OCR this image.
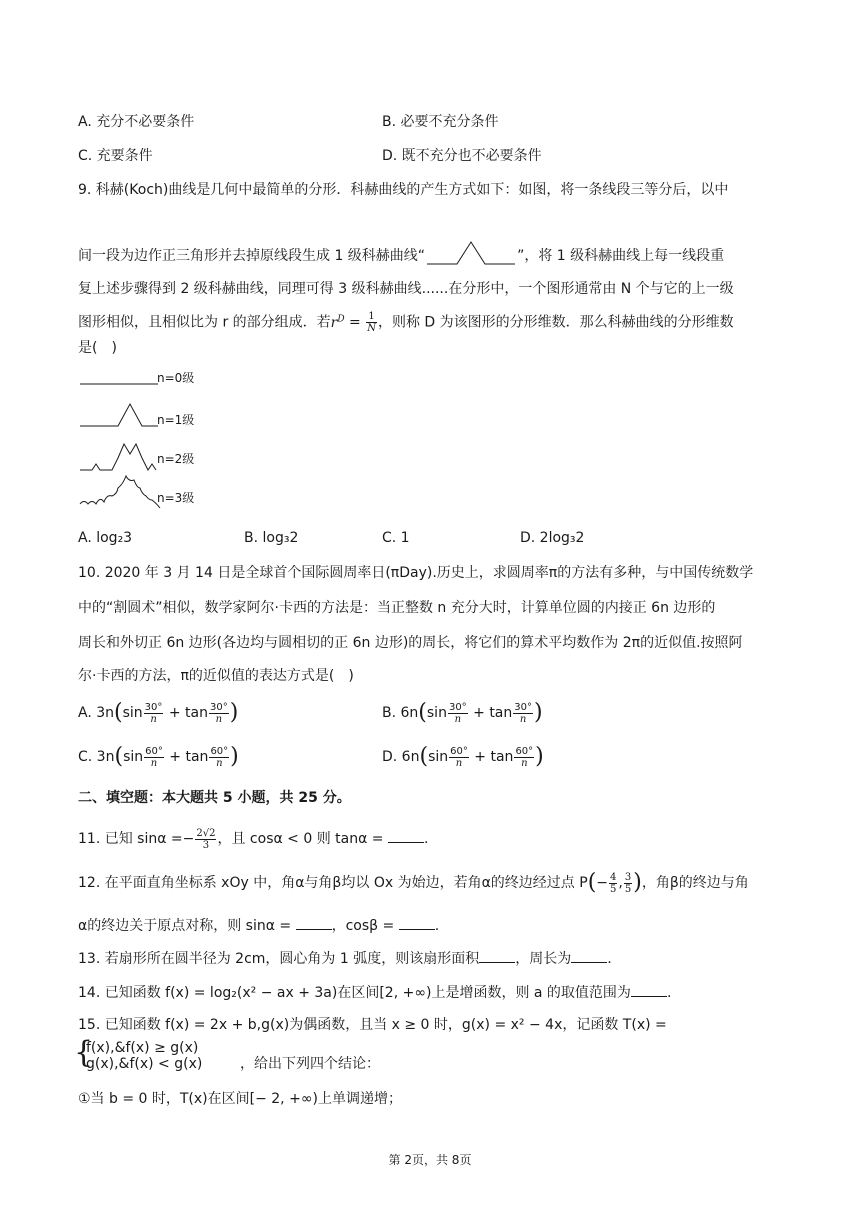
A. 充分不必要条件	B. 必要不充分条件
C. 充要条件	D. 既不充分也不必要条件
9. 科赫(Koch)曲线是几何中最简单的分形．科赫曲线的产生方式如下：如图，将一条线段三等分后，以中
间一段为边作正三角形并去掉原线段生成 1 级科赫曲线“	”，将 1 级科赫曲线上每一线段重
复上述步骤得到 2 级科赫曲线，同理可得 3 级科赫曲线......在分形中，一个图形通常由 N 个与它的上一级
图形相似，且相似比为 r 的部分组成．若$r^D = \frac{1}{N}$ ，则称 D 为该图形的分形维数．那么科赫曲线的分形维数
是(　)
n=0级
n=1级
n=2级
n=3级
A. log₂3	B. log₃2	C. 1	D. 2log₃2
10. 2020 年 3 月 14 日是全球首个国际圆周率日(πDay).历史上，求圆周率π的方法有多种，与中国传统数学
中的“割圆术”相似，数学家阿尔·卡西的方法是：当正整数 n 充分大时，计算单位圆的内接正 6n 边形的
周长和外切正 6n 边形(各边均与圆相切的正 6n 边形)的周长，将它们的算术平均数作为 2π的近似值.按照阿
尔·卡西的方法，π的近似值的表达方式是(　)
A. $3n(\sin \frac{30^\circ}{n} + \tan \frac{30^\circ}{n}$ )	B. $6n(\sin \frac{30^\circ}{n} + \tan \frac{30^\circ}{n}$ )
C. $3n(\sin \frac{60^\circ}{n} + \tan \frac{60^\circ}{n}$ )	D. $6n(\sin \frac{60^\circ}{n} + \tan \frac{60^\circ}{n}$ )
二、填空题：本大题共 5 小题，共 25 分。
11. 已知 $\sin\alpha =- \frac{2√2}{3}$ ，且 cosα < 0 则 tanα =	.
12. 在平面直角坐标系 xOy 中，角α与角β均以 Ox 为始边，若角α的终边经过点 $P(- \frac{4}{5}$ , $\frac{3}{5}$ )，角β的终边与角
α的终边关于原点对称，则 sinα =	，cosβ =	.
13. 若扇形所在圆半径为 2cm，圆心角为 1 弧度，则该扇形面积	，周长为	.
14. 已知函数 f(x) = log₂(x² − ax + 3a)在区间[2, +∞)上是增函数，则 a 的取值范围为	.
15. 已知函数 f(x) = 2x + b,g(x)为偶函数，且当 x ≥ 0 时，g(x) = x² − 4x，记函数 T(x) =
{
f(x),&f(x) ≥ g(x)
g(x),&f(x) < g(x)	，给出下列四个结论：
①当 b = 0 时，T(x)在区间[− 2, +∞)上单调递增；
第 2页，共 8页
